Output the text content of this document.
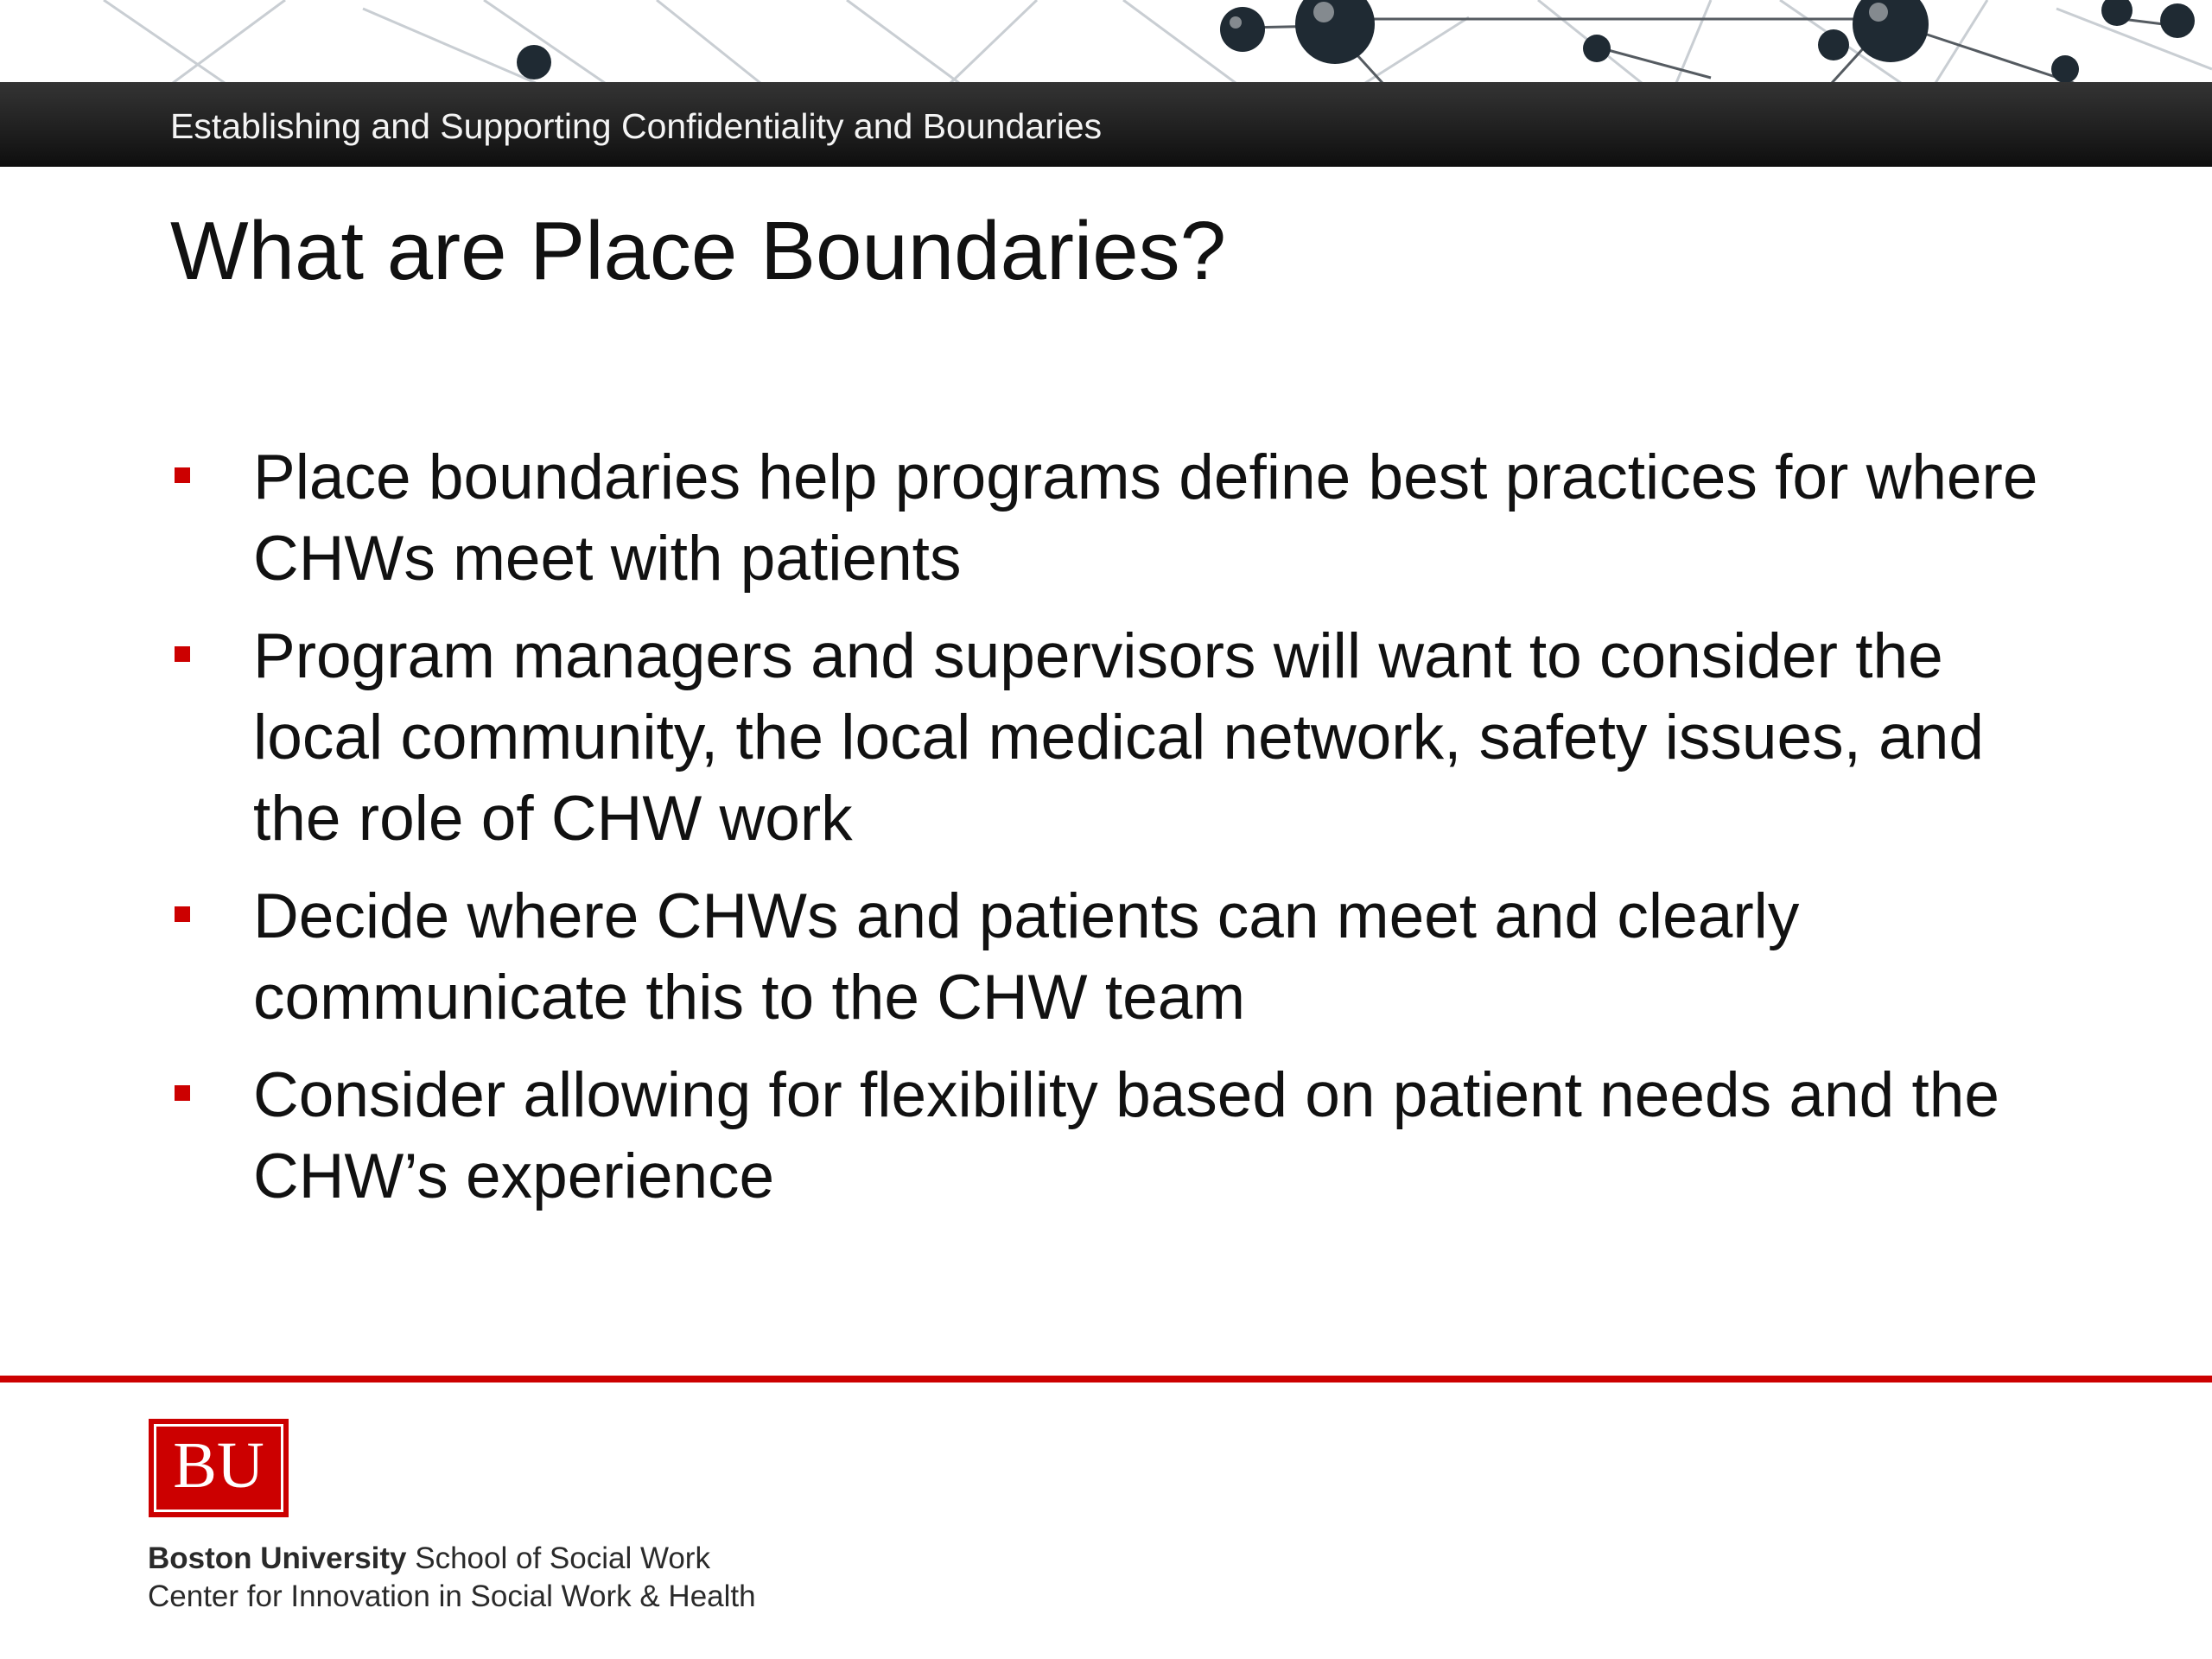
Establishing and Supporting Confidentiality and Boundaries
What are Place Boundaries?
Place boundaries help programs define best practices for where CHWs meet with patients
Program managers and supervisors will want to consider the local community, the local medical network, safety issues, and the role of CHW work
Decide where CHWs and patients can meet and clearly communicate this to the CHW team
Consider allowing for flexibility based on patient needs and the CHW’s experience
BU
Boston University School of Social Work
Center for Innovation in Social Work & Health
